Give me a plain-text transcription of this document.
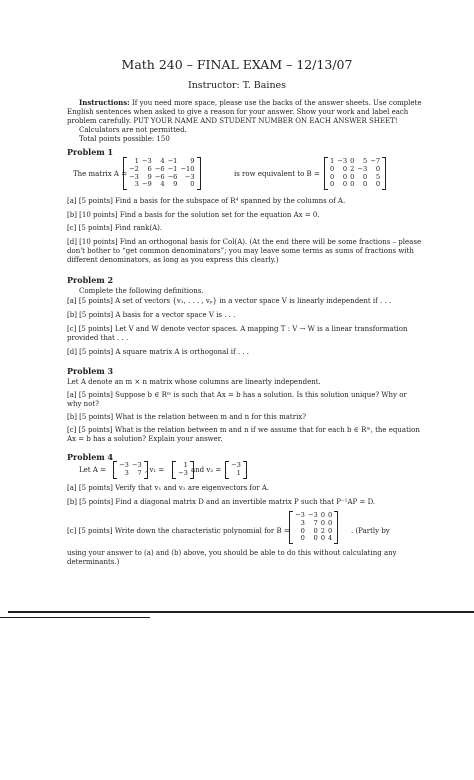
Math 240 – FINAL EXAM – 12/13/07
Instructor: T. Baines
Instructions: If you need more space, please use the backs of the answer sheets. Use complete
English sentences when asked to give a reason for your answer. Show your work and label each
problem carefully. PUT YOUR NAME AND STUDENT NUMBER ON EACH ANSWER SHEET!
Calculators are not permitted.
Total points possible: 150
Problem 1
The matrix A =
1 −3	4 −1	9
−2	6 −6 −1 −10
−3	9 −6 −6	−3
3 −9	4	9	0
is row equivalent to B =
1 −3 0	5 −7
0	0 2 −3	0
0	0 0	0	5
0	0 0	0	0
[a] [5 points] Find a basis for the subspace of R⁴ spanned by the columns of A.
[b] [10 points] Find a basis for the solution set for the equation Ax = 0.
[c] [5 points] Find rank(A).
[d] [10 points] Find an orthogonal basis for Col(A). (At the end there will be some fractions – please
don't bother to “get common denominators”; you may leave some terms as sums of fractions with
different denominators, as long as you express this clearly.)
Problem 2
Complete the following definitions.
[a] [5 points] A set of vectors {v₁, . . . , vₚ} in a vector space V is linearly independent if . . .
[b] [5 points] A basis for a vector space V is . . .
[c] [5 points] Let V and W denote vector spaces. A mapping T : V → W is a linear transformation
provided that . . .
[d] [5 points] A square matrix A is orthogonal if . . .
Problem 3
Let A denote an m × n matrix whose columns are linearly independent.
[a] [5 points] Suppose b ∈ Rᵐ is such that Ax = b has a solution. Is this solution unique? Why or
why not?
[b] [5 points] What is the relation between m and n for this matrix?
[c] [5 points] What is the relation between m and n if we assume that for each b ∈ Rᵐ, the equation
Ax = b has a solution? Explain your answer.
Problem 4
Let A =
−3 −3
3	7 , v₁ =
1
−3 and v₂ =
−3
1
[a] [5 points] Verify that v₁ and v₂ are eigenvectors for A.
[b] [5 points] Find a diagonal matrix D and an invertible matrix P such that P⁻¹AP = D.
[c] [5 points] Write down the characteristic polynomial for B =
−3 −3 0 0
3	7 0 0
0	0 2 0
0	0 0 4
. (Partly by
using your answer to (a) and (b) above, you should be able to do this without calculating any
determinants.)
